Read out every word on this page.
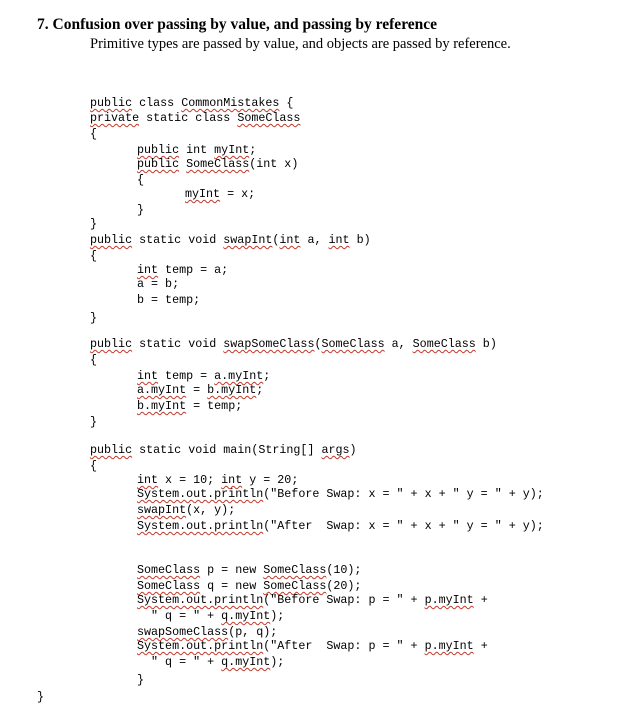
7. Confusion over passing by value, and passing by reference
Primitive types are passed by value, and objects are passed by reference.
public class CommonMistakes {
private static class SomeClass
{
public int myInt;
public SomeClass(int x)
{
myInt = x;
}
}
public static void swapInt(int a, int b)
{
int temp = a;
a = b;
b = temp;
}
public static void swapSomeClass(SomeClass a, SomeClass b)
{
int temp = a.myInt;
a.myInt = b.myInt;
b.myInt = temp;
}
public static void main(String[] args)
{
int x = 10; int y = 20;
System.out.println("Before Swap: x = " + x + " y = " + y);
swapInt(x, y);
System.out.println("After  Swap: x = " + x + " y = " + y);
SomeClass p = new SomeClass(10);
SomeClass q = new SomeClass(20);
System.out.println("Before Swap: p = " + p.myInt +
" q = " + q.myInt);
swapSomeClass(p, q);
System.out.println("After  Swap: p = " + p.myInt +
" q = " + q.myInt);
}
}
